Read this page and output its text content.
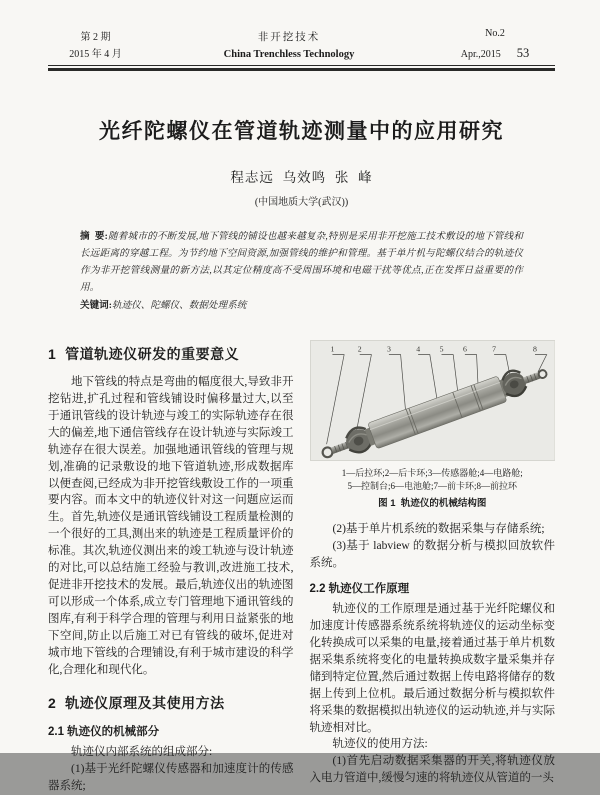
第 2 期
2015 年 4 月
非开挖技术
China Trenchless Technology
No.2
Apr.,2015 53
光纤陀螺仪在管道轨迹测量中的应用研究
程志远  乌效鸣  张  峰
(中国地质大学(武汉))
摘  要:随着城市的不断发展,地下管线的铺设也越来越复杂,特别是采用非开挖施工技术敷设的地下管线和长远距离的穿越工程。为节约地下空间资源,加强管线的维护和管理。基于单片机与陀螺仪结合的轨迹仪作为非开挖管线测量的新方法,以其定位精度高不受周围环境和电磁干扰等优点,正在发挥日益重要的作用。
关键词:轨迹仪、陀螺仪、数据处理系统
1  管道轨迹仪研发的重要意义

地下管线的特点是弯曲的幅度很大,导致非开挖钻进,扩孔过程和管线铺设时偏移量过大,以至于通讯管线的设计轨迹与竣工的实际轨迹存在很大的偏差,地下通信管线存在设计轨迹与实际竣工轨迹存在很大误差。加强地通讯管线的管理与规划,准确的记录敷设的地下管道轨迹,形成数据库以便查阅,已经成为非开挖管线敷设工作的一项重要内容。而本文中的轨迹仪针对这一问题应运而生。首先,轨迹仪是通讯管线铺设工程质量检测的一个很好的工具,测出来的轨迹是工程质量评价的标准。其次,轨迹仪测出来的竣工轨迹与设计轨迹的对比,可以总结施工经验与教训,改进施工技术,促进非开挖技术的发展。最后,轨迹仪出的轨迹图可以形成一个体系,成立专门管理地下通讯管线的图库,有利于科学合理的管理与利用日益紧张的地下空间,防止以后施工对已有管线的破坏,促进对城市地下管线的合理铺设,有利于城市建设的科学化,合理化和现代化。

2  轨迹仪原理及其使用方法
2.1 轨迹仪的机械部分

轨迹仪内部系统的组成部分:

(1)基于光纤陀螺仪传感器和加速度计的传感器系统;

1	2	3	4 5 6	7	8
1—后拉环;2—后卡环;3—传感器舱;4—电路舱;
5—控制台;6—电池舱;7—前卡环;8—前拉环
图 1  轨迹仪的机械结构图

(2)基于单片机系统的数据采集与存储系统;

(3)基于 labview 的数据分析与模拟回放软件系统。

2.2 轨迹仪工作原理

轨迹仪的工作原理是通过基于光纤陀螺仪和加速度计传感器系统系统将轨迹仪的运动坐标变化转换成可以采集的电量,接着通过基于单片机数据采集系统将变化的电量转换成数字量采集并存储到特定位置,然后通过数据上传电路将储存的数据上传到上位机。最后通过数据分析与模拟软件将采集的数据模拟出轨迹仪的运动轨迹,并与实际轨迹相对比。

轨迹仪的使用方法:

(1)首先启动数据采集器的开关,将轨迹仪放入电力管道中,缓慢匀速的将轨迹仪从管道的一头
